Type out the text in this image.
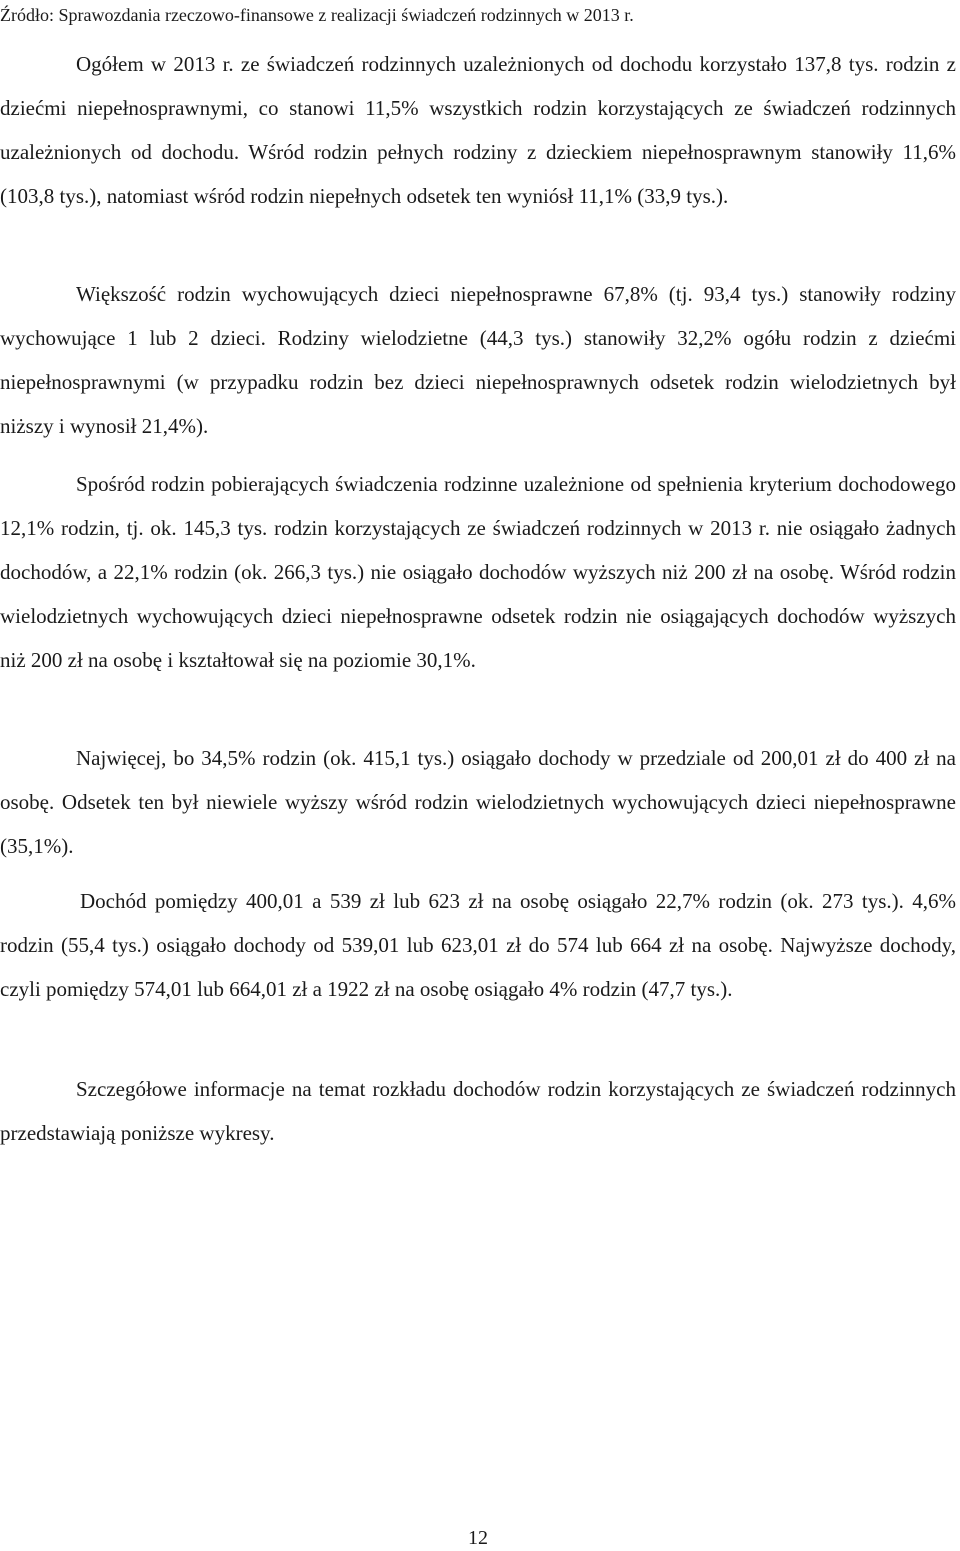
Źródło: Sprawozdania rzeczowo-finansowe z realizacji świadczeń rodzinnych w 2013 r.

Ogółem w 2013 r. ze świadczeń rodzinnych uzależnionych od dochodu korzystało 137,8 tys. rodzin z dziećmi niepełnosprawnymi, co stanowi 11,5% wszystkich rodzin korzystających ze świadczeń rodzinnych uzależnionych od dochodu. Wśród rodzin pełnych rodziny z dzieckiem niepełnosprawnym stanowiły 11,6% (103,8 tys.), natomiast wśród rodzin niepełnych odsetek ten wyniósł 11,1% (33,9 tys.).

Większość rodzin wychowujących dzieci niepełnosprawne 67,8% (tj. 93,4 tys.) stanowiły rodziny wychowujące 1 lub 2 dzieci. Rodziny wielodzietne (44,3 tys.) stanowiły 32,2% ogółu rodzin z dziećmi niepełnosprawnymi (w przypadku rodzin bez dzieci niepełnosprawnych odsetek rodzin wielodzietnych był niższy i wynosił 21,4%).

Spośród rodzin pobierających świadczenia rodzinne uzależnione od spełnienia kryterium dochodowego 12,1% rodzin, tj. ok. 145,3 tys. rodzin korzystających ze świadczeń rodzinnych w 2013 r. nie osiągało żadnych dochodów, a 22,1% rodzin (ok. 266,3 tys.) nie osiągało dochodów wyższych niż 200 zł na osobę. Wśród rodzin wielodzietnych wychowujących dzieci niepełnosprawne odsetek rodzin nie osiągających dochodów wyższych niż 200 zł na osobę i kształtował się na poziomie 30,1%.

Najwięcej, bo 34,5% rodzin (ok. 415,1 tys.) osiągało dochody w przedziale od 200,01 zł do 400 zł na osobę. Odsetek ten był niewiele wyższy wśród rodzin wielodzietnych wychowujących dzieci niepełnosprawne (35,1%).

Dochód pomiędzy 400,01 a 539 zł lub 623 zł na osobę osiągało 22,7% rodzin (ok. 273 tys.). 4,6% rodzin (55,4 tys.) osiągało dochody od 539,01 lub 623,01 zł do 574 lub 664 zł na osobę. Najwyższe dochody, czyli pomiędzy 574,01 lub 664,01 zł a 1922 zł na osobę osiągało 4% rodzin (47,7 tys.).

Szczegółowe informacje na temat rozkładu dochodów rodzin korzystających ze świadczeń rodzinnych przedstawiają poniższe wykresy.

12
